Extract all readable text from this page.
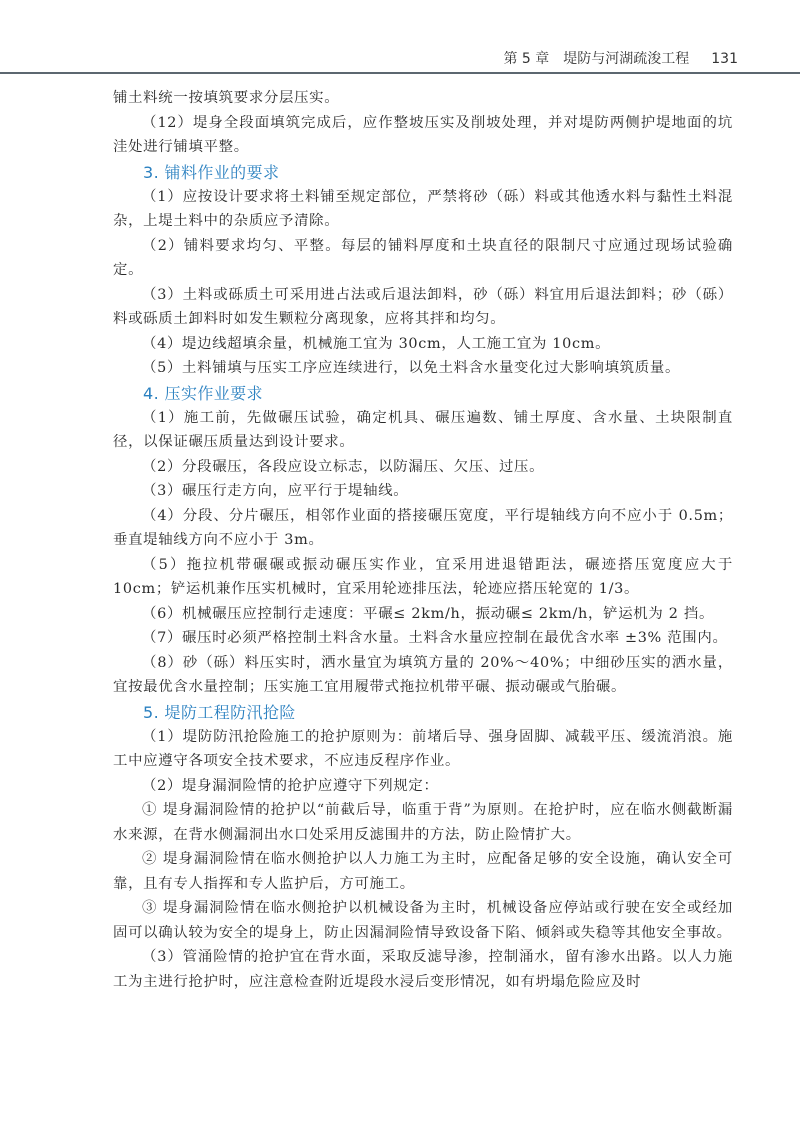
第 5 章　堤防与河湖疏浚工程 131
铺土料统一按填筑要求分层压实。
（12）堤身全段面填筑完成后，应作整坡压实及削坡处理，并对堤防两侧护堤地面的坑洼处进行铺填平整。
3. 铺料作业的要求
（1）应按设计要求将土料铺至规定部位，严禁将砂（砾）料或其他透水料与黏性土料混杂，上堤土料中的杂质应予清除。
（2）铺料要求均匀、平整。每层的铺料厚度和土块直径的限制尺寸应通过现场试验确定。
（3）土料或砾质土可采用进占法或后退法卸料，砂（砾）料宜用后退法卸料；砂（砾）料或砾质土卸料时如发生颗粒分离现象，应将其拌和均匀。
（4）堤边线超填余量，机械施工宜为 30cm，人工施工宜为 10cm。
（5）土料铺填与压实工序应连续进行，以免土料含水量变化过大影响填筑质量。
4. 压实作业要求
（1）施工前，先做碾压试验，确定机具、碾压遍数、铺土厚度、含水量、土块限制直径，以保证碾压质量达到设计要求。
（2）分段碾压，各段应设立标志，以防漏压、欠压、过压。
（3）碾压行走方向，应平行于堤轴线。
（4）分段、分片碾压，相邻作业面的搭接碾压宽度，平行堤轴线方向不应小于 0.5m；垂直堤轴线方向不应小于 3m。
（5）拖拉机带碾碾或振动碾压实作业，宜采用进退错距法，碾迹搭压宽度应大于 10cm；铲运机兼作压实机械时，宜采用轮迹排压法，轮迹应搭压轮宽的 1/3。
（6）机械碾压应控制行走速度：平碾≤ 2km/h，振动碾≤ 2km/h，铲运机为 2 挡。
（7）碾压时必须严格控制土料含水量。土料含水量应控制在最优含水率 ±3% 范围内。
（8）砂（砾）料压实时，洒水量宜为填筑方量的 20%～40%；中细砂压实的洒水量，宜按最优含水量控制；压实施工宜用履带式拖拉机带平碾、振动碾或气胎碾。
5. 堤防工程防汛抢险
（1）堤防防汛抢险施工的抢护原则为：前堵后导、强身固脚、减载平压、缓流消浪。施工中应遵守各项安全技术要求，不应违反程序作业。
（2）堤身漏洞险情的抢护应遵守下列规定：
① 堤身漏洞险情的抢护以“前截后导，临重于背”为原则。在抢护时，应在临水侧截断漏水来源，在背水侧漏洞出水口处采用反滤围井的方法，防止险情扩大。
② 堤身漏洞险情在临水侧抢护以人力施工为主时，应配备足够的安全设施，确认安全可靠，且有专人指挥和专人监护后，方可施工。
③ 堤身漏洞险情在临水侧抢护以机械设备为主时，机械设备应停站或行驶在安全或经加固可以确认较为安全的堤身上，防止因漏洞险情导致设备下陷、倾斜或失稳等其他安全事故。
（3）管涌险情的抢护宜在背水面，采取反滤导渗，控制涌水，留有渗水出路。以人力施工为主进行抢护时，应注意检查附近堤段水浸后变形情况，如有坍塌危险应及时
